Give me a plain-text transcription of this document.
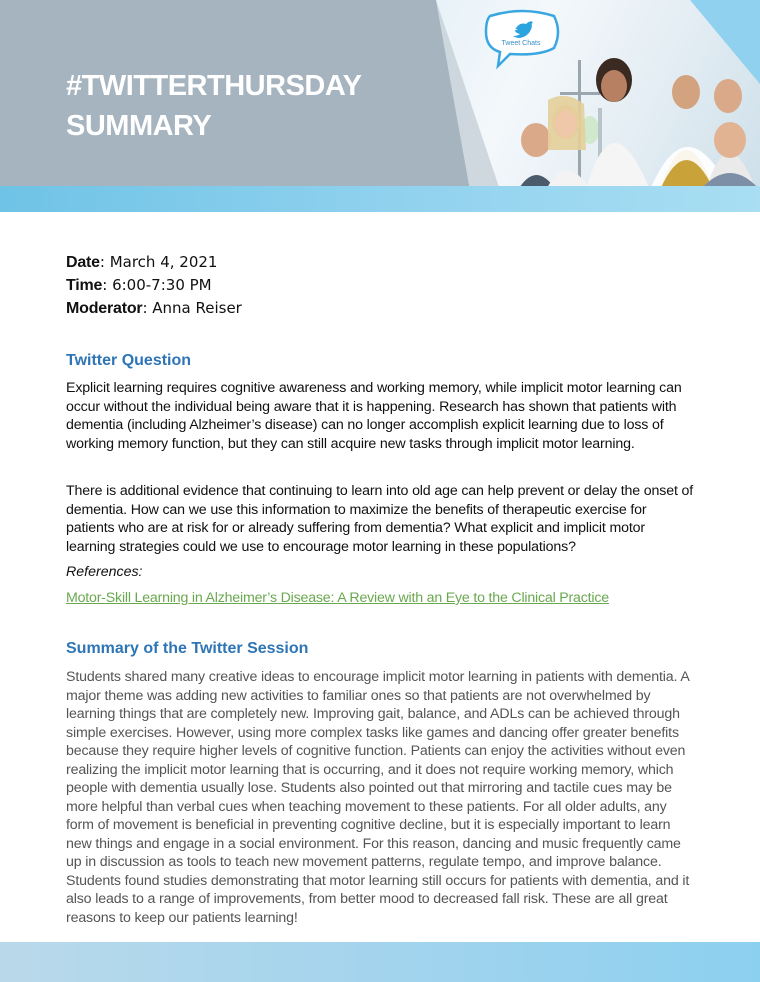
Tweet Chats
#TWITTERTHURSDAY
SUMMARY
Date: March 4, 2021
Time: 6:00-7:30 PM
Moderator: Anna Reiser
Twitter Question

Explicit learning requires cognitive awareness and working memory, while implicit motor learning can occur without the individual being aware that it is happening. Research has shown that patients with dementia (including Alzheimer’s disease) can no longer accomplish explicit learning due to loss of working memory function, but they can still acquire new tasks through implicit motor learning.

There is additional evidence that continuing to learn into old age can help prevent or delay the onset of dementia. How can we use this information to maximize the benefits of therapeutic exercise for patients who are at risk for or already suffering from dementia? What explicit and implicit motor learning strategies could we use to encourage motor learning in these populations?

References:
Motor-Skill Learning in Alzheimer’s Disease: A Review with an Eye to the Clinical Practice
Summary of the Twitter Session

Students shared many creative ideas to encourage implicit motor learning in patients with dementia. A major theme was adding new activities to familiar ones so that patients are not overwhelmed by learning things that are completely new. Improving gait, balance, and ADLs can be achieved through simple exercises. However, using more complex tasks like games and dancing offer greater benefits because they require higher levels of cognitive function. Patients can enjoy the activities without even realizing the implicit motor learning that is occurring, and it does not require working memory, which people with dementia usually lose. Students also pointed out that mirroring and tactile cues may be more helpful than verbal cues when teaching movement to these patients. For all older adults, any form of movement is beneficial in preventing cognitive decline, but it is especially important to learn new things and engage in a social environment. For this reason, dancing and music frequently came up in discussion as tools to teach new movement patterns, regulate tempo, and improve balance. Students found studies demonstrating that motor learning still occurs for patients with dementia, and it also leads to a range of improvements, from better mood to decreased fall risk. These are all great reasons to keep our patients learning!
